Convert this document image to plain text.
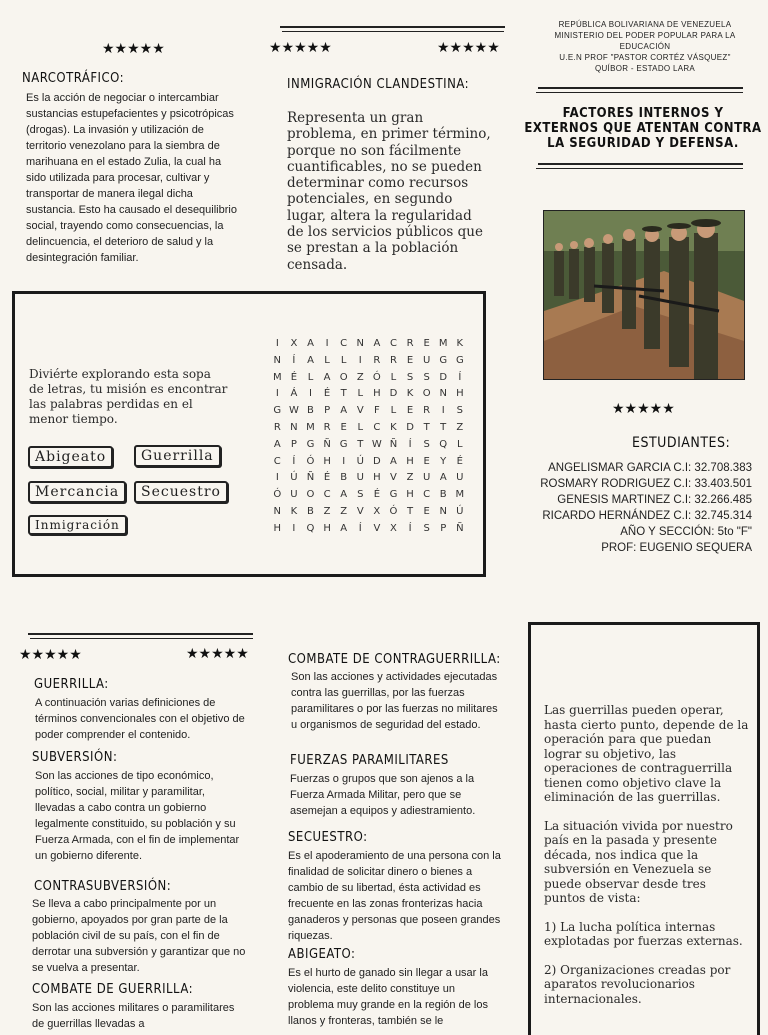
★★★★★	★★★★★	★★★★★
NARCOTRÁFICO:
Es la acción de negociar o intercambiar sustancias estupefacientes y psicotrópicas (drogas). La invasión y utilización de territorio venezolano para la siembra de marihuana en el estado Zulia, la cual ha sido utilizada para procesar, cultivar y transportar de manera ilegal dicha sustancia. Esto ha causado el desequilibrio social, trayendo como consecuencias, la delincuencia, el deterioro de salud y la desintegración familiar.
INMIGRACIÓN CLANDESTINA:
Representa un gran problema, en primer término, porque no son fácilmente cuantificables, no se pueden determinar como recursos potenciales, en segundo lugar, altera la regularidad de los servicios públicos que se prestan a la población censada.
REPÚBLICA BOLIVARIANA DE VENEZUELA
MINISTERIO DEL PODER POPULAR PARA LA EDUCACIÓN
U.E.N PROF "PASTOR CORTÉZ VÁSQUEZ"
QUÍBOR - ESTADO LARA
FACTORES INTERNOS Y EXTERNOS QUE ATENTAN CONTRA LA SEGURIDAD Y DEFENSA.
★★★★★
ESTUDIANTES:
ANGELISMAR GARCIA C.I: 32.708.383
ROSMARY RODRIGUEZ C.I: 33.403.501
GENESIS MARTINEZ C.I: 32.266.485
RICARDO HERNÁNDEZ C.I: 32.745.314
AÑO Y SECCIÓN: 5to "F"
PROF: EUGENIO SEQUERA
Diviérte explorando esta sopa de letras, tu misión es encontrar las palabras perdidas en el menor tiempo.
Abigeato	Guerrilla
Mercancia	Secuestro
Inmigración
I X A I C N A C R E M K
N Í A L L I R R E U G G
M É L A O Z Ó L S S D Í
I Á I É T L H D K O N H
G W B P A V F L E R I S
R N M R E L C K D T T Z
A P G Ñ G T W Ñ Í S Q L
C Í Ó H I Ú D A H E Y É
I Ú Ñ É B U H V Z U A U
Ó U O C A S É G H C B M
N K B Z Z V X Ó T E N Ú
H I Q H A Í V X Í S P Ñ
★★★★★	★★★★★
GUERRILLA:
A continuación varias definiciones de términos convencionales con el objetivo de poder comprender el contenido.
SUBVERSIÓN:
Son las acciones de tipo económico, político, social, militar y paramilitar, llevadas a cabo contra un gobierno legalmente constituido, su población y su Fuerza Armada, con el fin de implementar un gobierno diferente.
CONTRASUBVERSIÓN:
Se lleva a cabo principalmente por un gobierno, apoyados por gran parte de la población civil de su país, con el fin de derrotar una subversión y garantizar que no se vuelva a presentar.
COMBATE DE GUERRILLA:
Son las acciones militares o paramilitares de guerrillas llevadas a
COMBATE DE CONTRAGUERRILLA:
Son las acciones y actividades ejecutadas contra las guerrillas, por las fuerzas paramilitares o por las fuerzas no militares u organismos de seguridad del estado.
FUERZAS PARAMILITARES
Fuerzas o grupos que son ajenos a la Fuerza Armada Militar, pero que se asemejan a equipos y adiestramiento.
SECUESTRO:
Es el apoderamiento de una persona con la finalidad de solicitar dinero o bienes a cambio de su libertad, ésta actividad es frecuente en las zonas fronterizas hacia ganaderos y personas que poseen grandes riquezas.
ABIGEATO:
Es el hurto de ganado sin llegar a usar la violencia, este delito constituye un problema muy grande en la región de los llanos y fronteras, también se le
Las guerrillas pueden operar, hasta cierto punto, depende de la operación para que puedan lograr su objetivo, las operaciones de contraguerrilla tienen como objetivo clave la eliminación de las guerrillas.
La situación vivida por nuestro país en la pasada y presente década, nos indica que la subversión en Venezuela se puede observar desde tres puntos de vista:
1) La lucha política internas explotadas por fuerzas externas.
2) Organizaciones creadas por aparatos revolucionarios internacionales.
